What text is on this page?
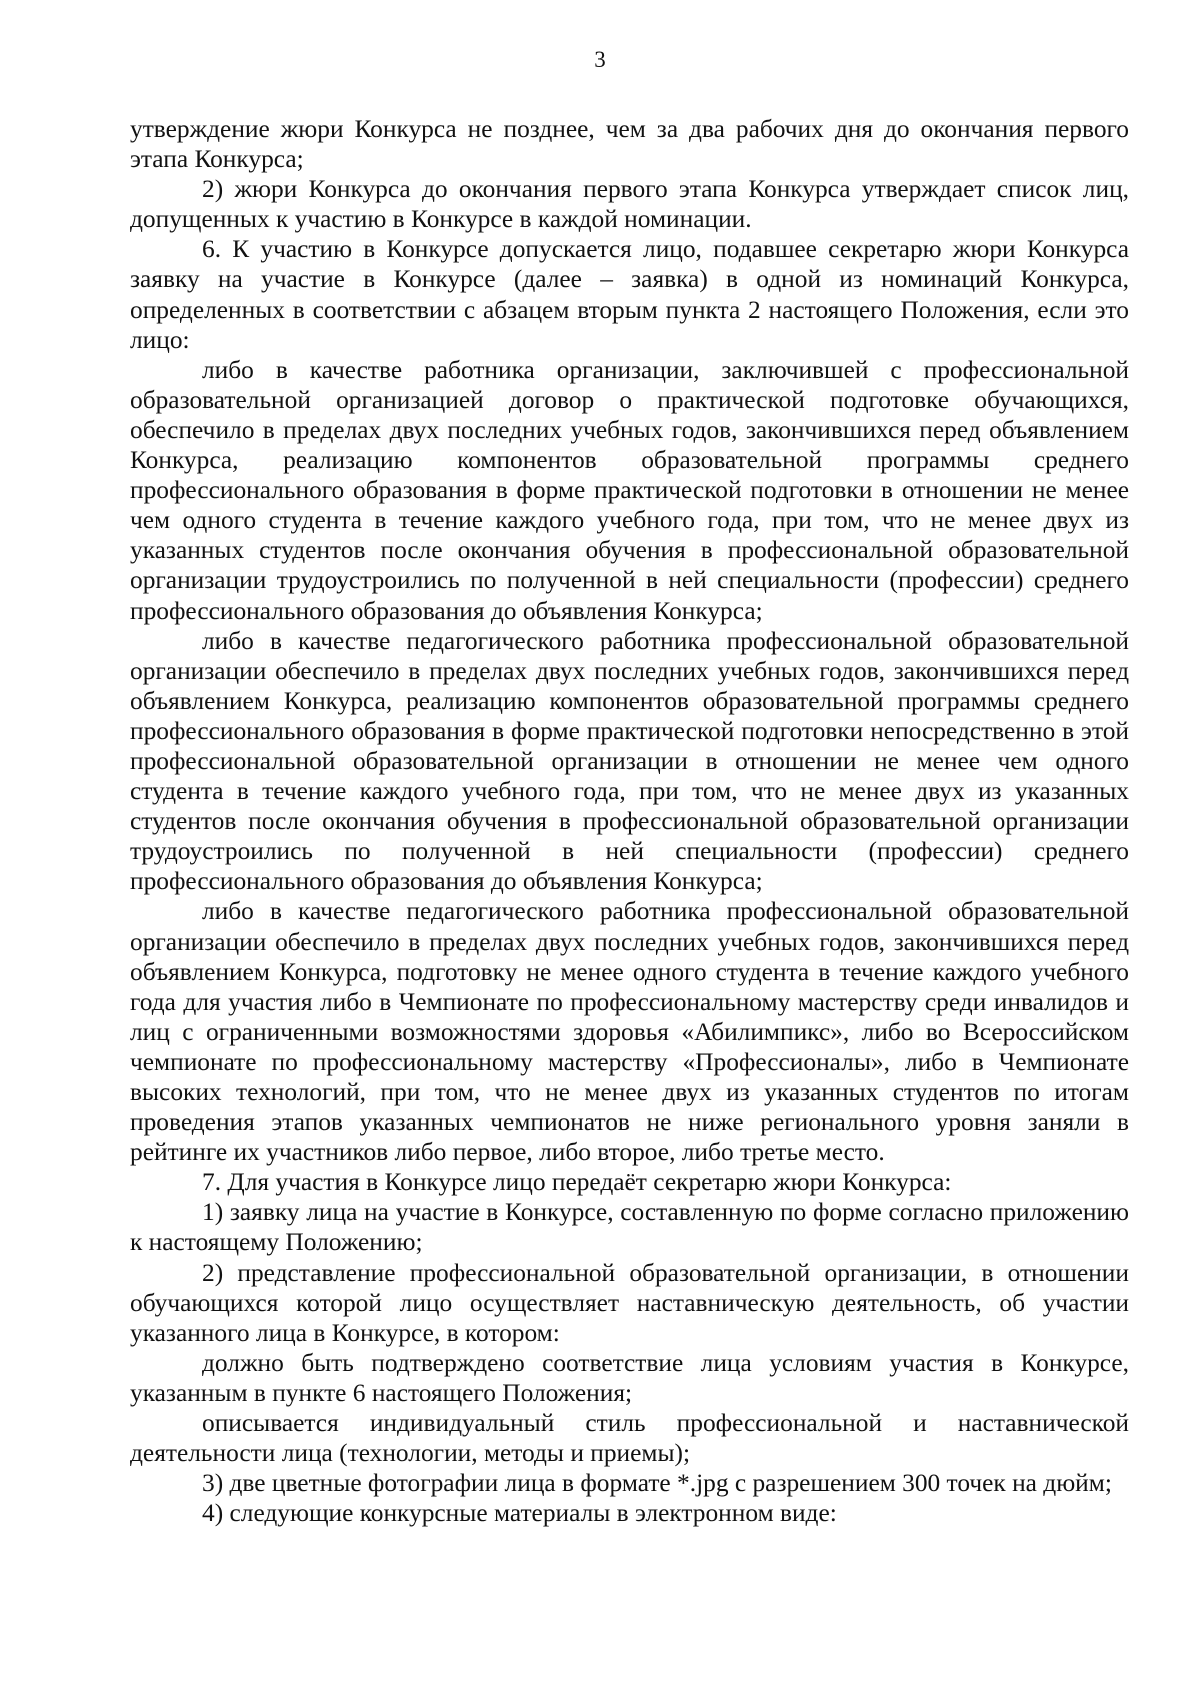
3

утверждение жюри Конкурса не позднее, чем за два рабочих дня до окончания первого этапа Конкурса;

2) жюри Конкурса до окончания первого этапа Конкурса утверждает список лиц, допущенных к участию в Конкурсе в каждой номинации.

6. К участию в Конкурсе допускается лицо, подавшее секретарю жюри Конкурса заявку на участие в Конкурсе (далее – заявка) в одной из номинаций Конкурса, определенных в соответствии с абзацем вторым пункта 2 настоящего Положения, если это лицо:

либо в качестве работника организации, заключившей с профессиональной образовательной организацией договор о практической подготовке обучающихся, обеспечило в пределах двух последних учебных годов, закончившихся перед объявлением Конкурса, реализацию компонентов образовательной программы среднего профессионального образования в форме практической подготовки в отношении не менее чем одного студента в течение каждого учебного года, при том, что не менее двух из указанных студентов после окончания обучения в профессиональной образовательной организации трудоустроились по полученной в ней специальности (профессии) среднего профессионального образования до объявления Конкурса;

либо в качестве педагогического работника профессиональной образовательной организации обеспечило в пределах двух последних учебных годов, закончившихся перед объявлением Конкурса, реализацию компонентов образовательной программы среднего профессионального образования в форме практической подготовки непосредственно в этой профессиональной образовательной организации в отношении не менее чем одного студента в течение каждого учебного года, при том, что не менее двух из указанных студентов после окончания обучения в профессиональной образовательной организации трудоустроились по полученной в ней специальности (профессии) среднего профессионального образования до объявления Конкурса;

либо в качестве педагогического работника профессиональной образовательной организации обеспечило в пределах двух последних учебных годов, закончившихся перед объявлением Конкурса, подготовку не менее одного студента в течение каждого учебного года для участия либо в Чемпионате по профессиональному мастерству среди инвалидов и лиц с ограниченными возможностями здоровья «Абилимпикс», либо во Всероссийском чемпионате по профессиональному мастерству «Профессионалы», либо в Чемпионате высоких технологий, при том, что не менее двух из указанных студентов по итогам проведения этапов указанных чемпионатов не ниже регионального уровня заняли в рейтинге их участников либо первое, либо второе, либо третье место.

7. Для участия в Конкурсе лицо передаёт секретарю жюри Конкурса:

1) заявку лица на участие в Конкурсе, составленную по форме согласно приложению к настоящему Положению;

2) представление профессиональной образовательной организации, в отношении обучающихся которой лицо осуществляет наставническую деятельность, об участии указанного лица в Конкурсе, в котором:

должно быть подтверждено соответствие лица условиям участия в Конкурсе, указанным в пункте 6 настоящего Положения;

описывается индивидуальный стиль профессиональной и наставнической деятельности лица (технологии, методы и приемы);

3) две цветные фотографии лица в формате *.jpg с разрешением 300 точек на дюйм;

4) следующие конкурсные материалы в электронном виде:
